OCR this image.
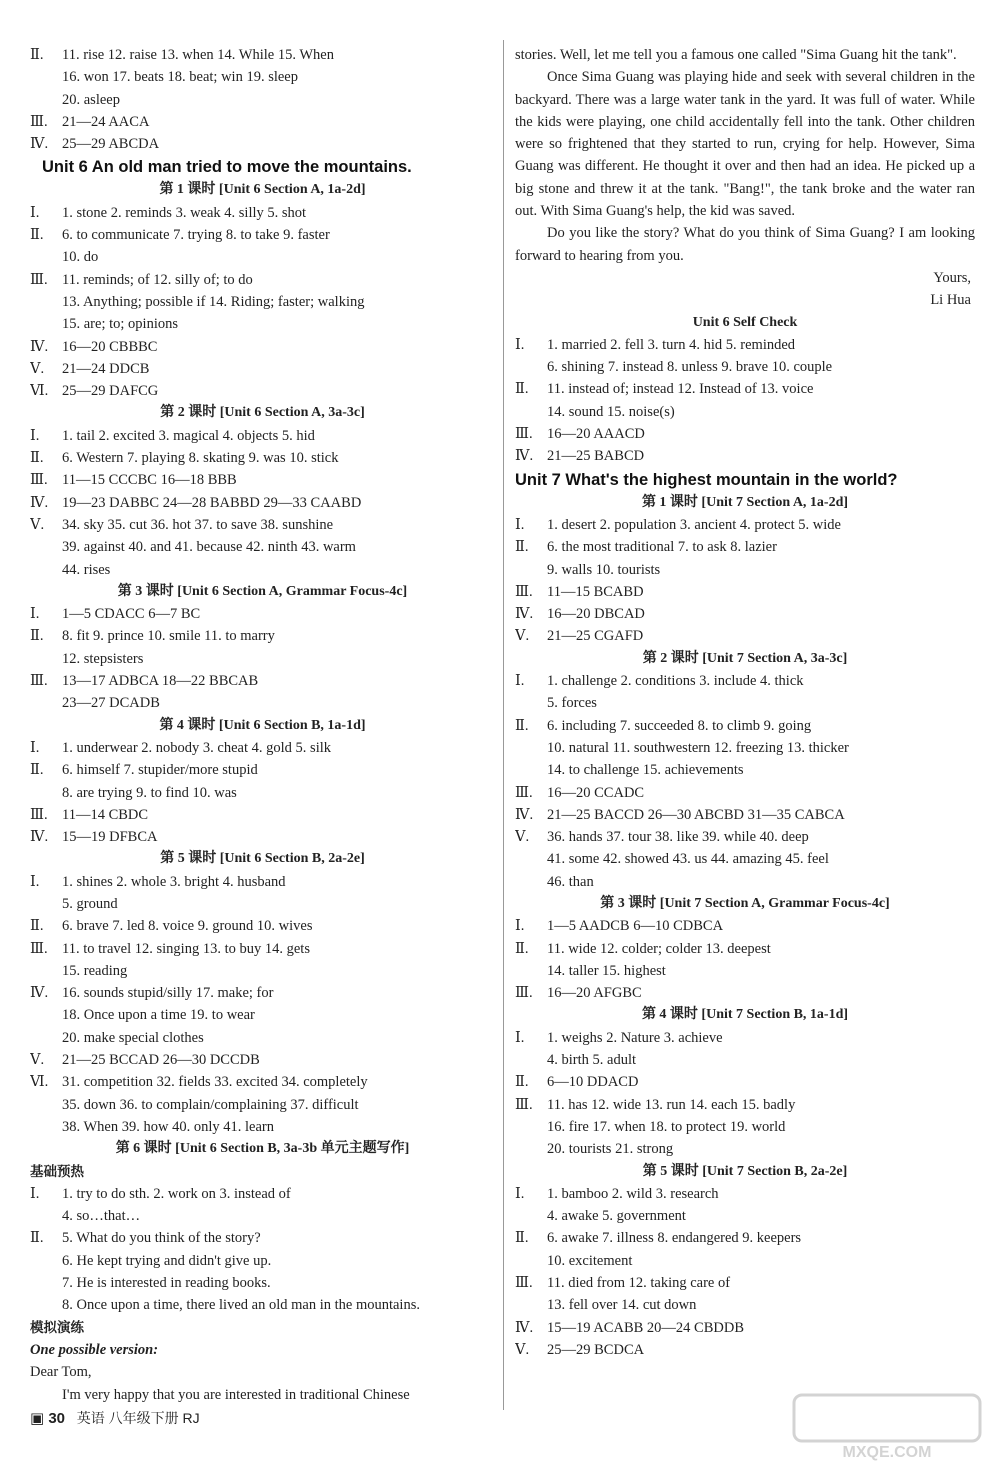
Ⅱ. 11. rise 12. raise 13. when 14. While 15. When
16. won 17. beats 18. beat; win 19. sleep
20. asleep
Ⅲ. 21—24 AACA
Ⅳ. 25—29 ABCDA
Unit 6 An old man tried to move the mountains.
第 1 课时 [Unit 6 Section A, 1a-2d]
Ⅰ. 1. stone 2. reminds 3. weak 4. silly 5. shot
Ⅱ. 6. to communicate 7. trying 8. to take 9. faster
10. do
Ⅲ. 11. reminds; of 12. silly of; to do
13. Anything; possible if 14. Riding; faster; walking
15. are; to; opinions
Ⅳ. 16—20 CBBBC
Ⅴ. 21—24 DDCB
Ⅵ. 25—29 DAFCG
第 2 课时 [Unit 6 Section A, 3a-3c]
Ⅰ. 1. tail 2. excited 3. magical 4. objects 5. hid
Ⅱ. 6. Western 7. playing 8. skating 9. was 10. stick
Ⅲ. 11—15 CCCBC 16—18 BBB
Ⅳ. 19—23 DABBC 24—28 BABBD 29—33 CAABD
Ⅴ. 34. sky 35. cut 36. hot 37. to save 38. sunshine
39. against 40. and 41. because 42. ninth 43. warm
44. rises
第 3 课时 [Unit 6 Section A, Grammar Focus-4c]
Ⅰ. 1—5 CDACC 6—7 BC
Ⅱ. 8. fit 9. prince 10. smile 11. to marry
12. stepsisters
Ⅲ. 13—17 ADBCA 18—22 BBCAB
23—27 DCADB
第 4 课时 [Unit 6 Section B, 1a-1d]
Ⅰ. 1. underwear 2. nobody 3. cheat 4. gold 5. silk
Ⅱ. 6. himself 7. stupider/more stupid
8. are trying 9. to find 10. was
Ⅲ. 11—14 CBDC
Ⅳ. 15—19 DFBCA
第 5 课时 [Unit 6 Section B, 2a-2e]
Ⅰ. 1. shines 2. whole 3. bright 4. husband
5. ground
Ⅱ. 6. brave 7. led 8. voice 9. ground 10. wives
Ⅲ. 11. to travel 12. singing 13. to buy 14. gets
15. reading
Ⅳ. 16. sounds stupid/silly 17. make; for
18. Once upon a time 19. to wear
20. make special clothes
Ⅴ. 21—25 BCCAD 26—30 DCCDB
Ⅵ. 31. competition 32. fields 33. excited 34. completely
35. down 36. to complain/complaining 37. difficult
38. When 39. how 40. only 41. learn
第 6 课时 [Unit 6 Section B, 3a-3b 单元主题写作]
基础预热
Ⅰ. 1. try to do sth. 2. work on 3. instead of
4. so…that…
Ⅱ. 5. What do you think of the story?
6. He kept trying and didn't give up.
7. He is interested in reading books.
8. Once upon a time, there lived an old man in the mountains.
模拟演练
One possible version:
Dear Tom,
I'm very happy that you are interested in traditional Chinese

stories. Well, let me tell you a famous one called "Sima Guang hit the tank".

Once Sima Guang was playing hide and seek with several children in the backyard. There was a large water tank in the yard. It was full of water. While the kids were playing, one child accidentally fell into the tank. Other children were so frightened that they started to run, crying for help. However, Sima Guang was different. He thought it over and then had an idea. He picked up a big stone and threw it at the tank. "Bang!", the tank broke and the water ran out. With Sima Guang's help, the kid was saved.

Do you like the story? What do you think of Sima Guang? I am looking forward to hearing from you.

Yours,
Li Hua
Unit 6 Self Check
Ⅰ. 1. married 2. fell 3. turn 4. hid 5. reminded
6. shining 7. instead 8. unless 9. brave 10. couple
Ⅱ. 11. instead of; instead 12. Instead of 13. voice
14. sound 15. noise(s)
Ⅲ. 16—20 AAACD
Ⅳ. 21—25 BABCD
Unit 7 What's the highest mountain in the world?
第 1 课时 [Unit 7 Section A, 1a-2d]
Ⅰ. 1. desert 2. population 3. ancient 4. protect 5. wide
Ⅱ. 6. the most traditional 7. to ask 8. lazier
9. walls 10. tourists
Ⅲ. 11—15 BCABD
Ⅳ. 16—20 DBCAD
Ⅴ. 21—25 CGAFD
第 2 课时 [Unit 7 Section A, 3a-3c]
Ⅰ. 1. challenge 2. conditions 3. include 4. thick
5. forces
Ⅱ. 6. including 7. succeeded 8. to climb 9. going
10. natural 11. southwestern 12. freezing 13. thicker
14. to challenge 15. achievements
Ⅲ. 16—20 CCADC
Ⅳ. 21—25 BACCD 26—30 ABCBD 31—35 CABCA
Ⅴ. 36. hands 37. tour 38. like 39. while 40. deep
41. some 42. showed 43. us 44. amazing 45. feel
46. than
第 3 课时 [Unit 7 Section A, Grammar Focus-4c]
Ⅰ. 1—5 AADCB 6—10 CDBCA
Ⅱ. 11. wide 12. colder; colder 13. deepest
14. taller 15. highest
Ⅲ. 16—20 AFGBC
第 4 课时 [Unit 7 Section B, 1a-1d]
Ⅰ. 1. weighs 2. Nature 3. achieve
4. birth 5. adult
Ⅱ. 6—10 DDACD
Ⅲ. 11. has 12. wide 13. run 14. each 15. badly
16. fire 17. when 18. to protect 19. world
20. tourists 21. strong
第 5 课时 [Unit 7 Section B, 2a-2e]
Ⅰ. 1. bamboo 2. wild 3. research
4. awake 5. government
Ⅱ. 6. awake 7. illness 8. endangered 9. keepers
10. excitement
Ⅲ. 11. died from 12. taking care of
13. fell over 14. cut down
Ⅳ. 15—19 ACABB 20—24 CBDDB
Ⅴ. 25—29 BCDCA
▣ 30 英语 八年级下册 RJ
MXQE.COM
